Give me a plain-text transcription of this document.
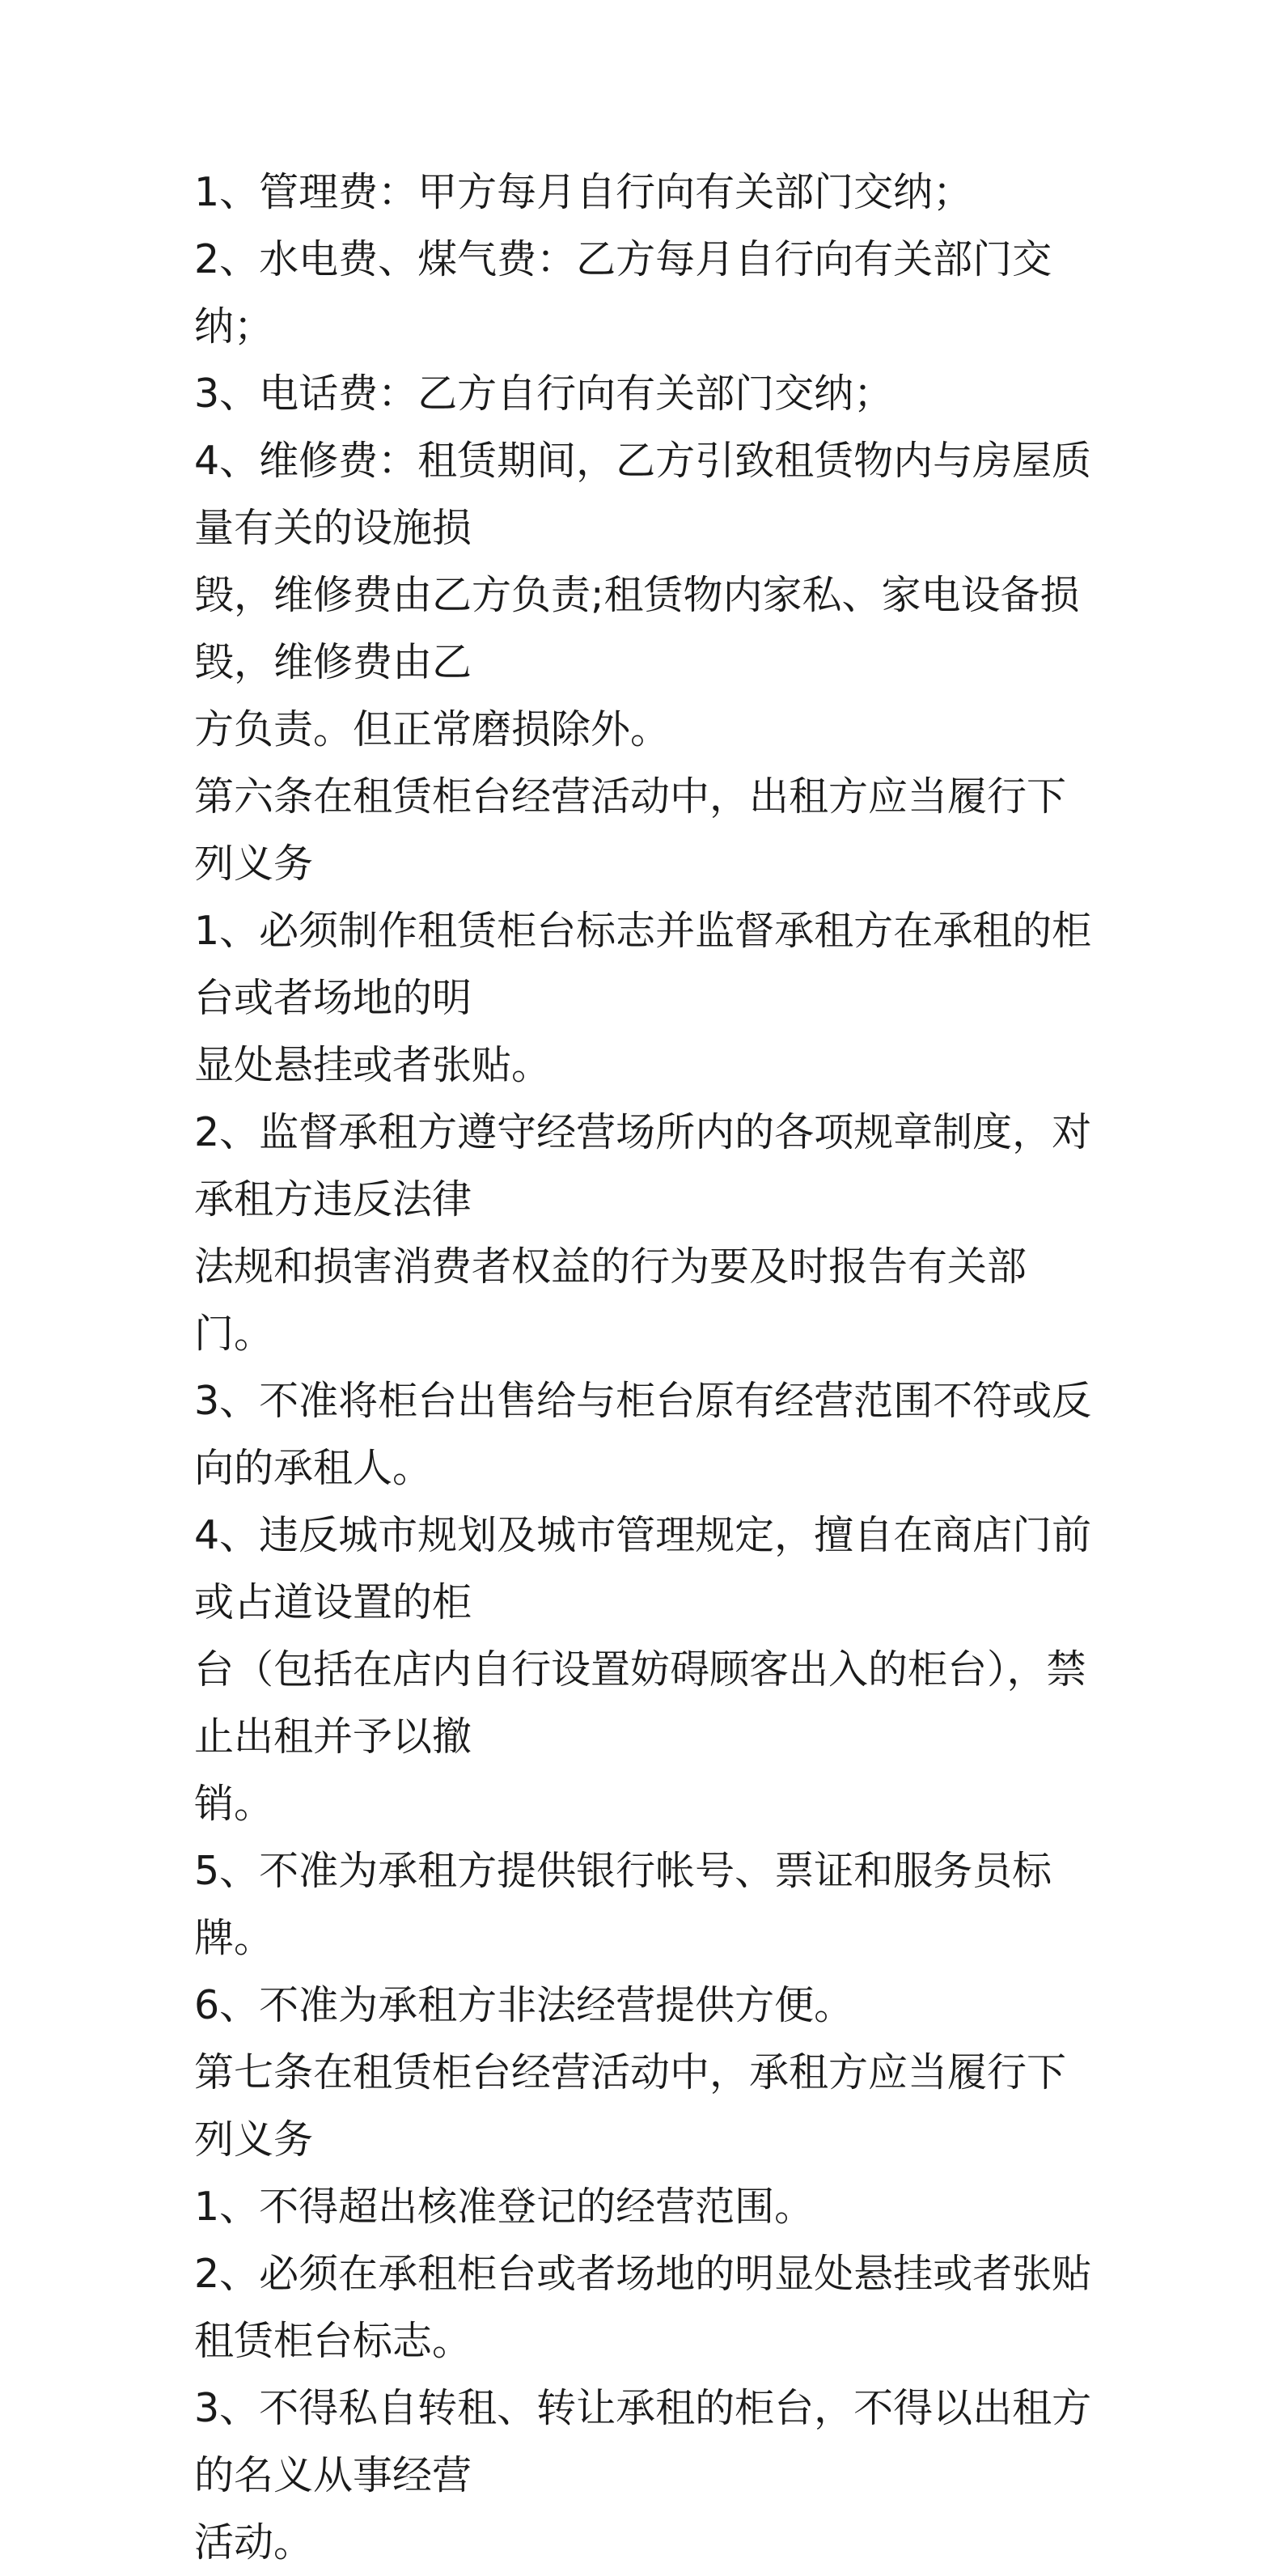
1、管理费：甲方每月自行向有关部门交纳；

2、水电费、煤气费：乙方每月自行向有关部门交纳；

3、电话费：乙方自行向有关部门交纳；

4、维修费：租赁期间，乙方引致租赁物内与房屋质量有关的设施损
毁，维修费由乙方负责;租赁物内家私、家电设备损毁，维修费由乙
方负责。但正常磨损除外。

第六条在租赁柜台经营活动中，出租方应当履行下列义务

1、必须制作租赁柜台标志并监督承租方在承租的柜台或者场地的明
显处悬挂或者张贴。

2、监督承租方遵守经营场所内的各项规章制度，对承租方违反法律
法规和损害消费者权益的行为要及时报告有关部门。

3、不准将柜台出售给与柜台原有经营范围不符或反向的承租人。

4、违反城市规划及城市管理规定，擅自在商店门前或占道设置的柜
台（包括在店内自行设置妨碍顾客出入的柜台），禁止出租并予以撤
销。

5、不准为承租方提供银行帐号、票证和服务员标牌。

6、不准为承租方非法经营提供方便。

第七条在租赁柜台经营活动中，承租方应当履行下列义务

1、不得超出核准登记的经营范围。

2、必须在承租柜台或者场地的明显处悬挂或者张贴租赁柜台标志。

3、不得私自转租、转让承租的柜台，不得以出租方的名义从事经营
活动。
